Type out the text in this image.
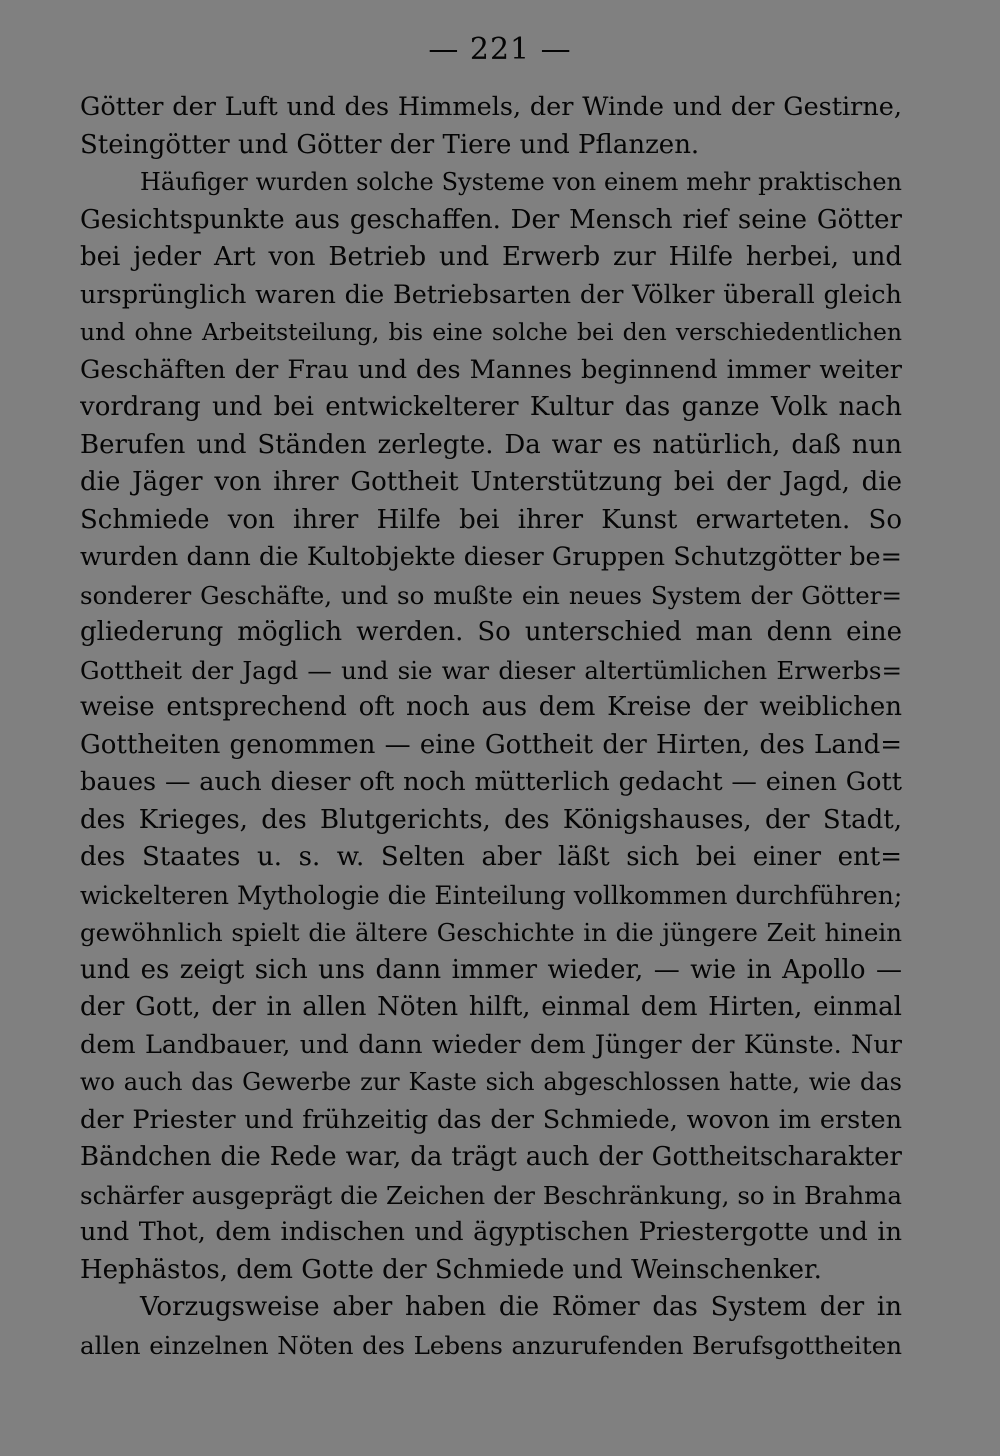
— 221 —
Götter der Luft und des Himmels, der Winde und der Gestirne,
Steingötter und Götter der Tiere und Pflanzen.
Häufiger wurden solche Systeme von einem mehr praktischen
Gesichtspunkte aus geschaffen. Der Mensch rief seine Götter
bei jeder Art von Betrieb und Erwerb zur Hilfe herbei, und
ursprünglich waren die Betriebsarten der Völker überall gleich
und ohne Arbeitsteilung, bis eine solche bei den verschiedentlichen
Geschäften der Frau und des Mannes beginnend immer weiter
vordrang und bei entwickelterer Kultur das ganze Volk nach
Berufen und Ständen zerlegte. Da war es natürlich, daß nun
die Jäger von ihrer Gottheit Unterstützung bei der Jagd, die
Schmiede von ihrer Hilfe bei ihrer Kunst erwarteten. So
wurden dann die Kultobjekte dieser Gruppen Schutzgötter be=
sonderer Geschäfte, und so mußte ein neues System der Götter=
gliederung möglich werden. So unterschied man denn eine
Gottheit der Jagd — und sie war dieser altertümlichen Erwerbs=
weise entsprechend oft noch aus dem Kreise der weiblichen
Gottheiten genommen — eine Gottheit der Hirten, des Land=
baues — auch dieser oft noch mütterlich gedacht — einen Gott
des Krieges, des Blutgerichts, des Königshauses, der Stadt,
des Staates u. s. w. Selten aber läßt sich bei einer ent=
wickelteren Mythologie die Einteilung vollkommen durchführen;
gewöhnlich spielt die ältere Geschichte in die jüngere Zeit hinein
und es zeigt sich uns dann immer wieder, — wie in Apollo —
der Gott, der in allen Nöten hilft, einmal dem Hirten, einmal
dem Landbauer, und dann wieder dem Jünger der Künste. Nur
wo auch das Gewerbe zur Kaste sich abgeschlossen hatte, wie das
der Priester und frühzeitig das der Schmiede, wovon im ersten
Bändchen die Rede war, da trägt auch der Gottheitscharakter
schärfer ausgeprägt die Zeichen der Beschränkung, so in Brahma
und Thot, dem indischen und ägyptischen Priestergotte und in
Hephästos, dem Gotte der Schmiede und Weinschenker.
Vorzugsweise aber haben die Römer das System der in
allen einzelnen Nöten des Lebens anzurufenden Berufsgottheiten
